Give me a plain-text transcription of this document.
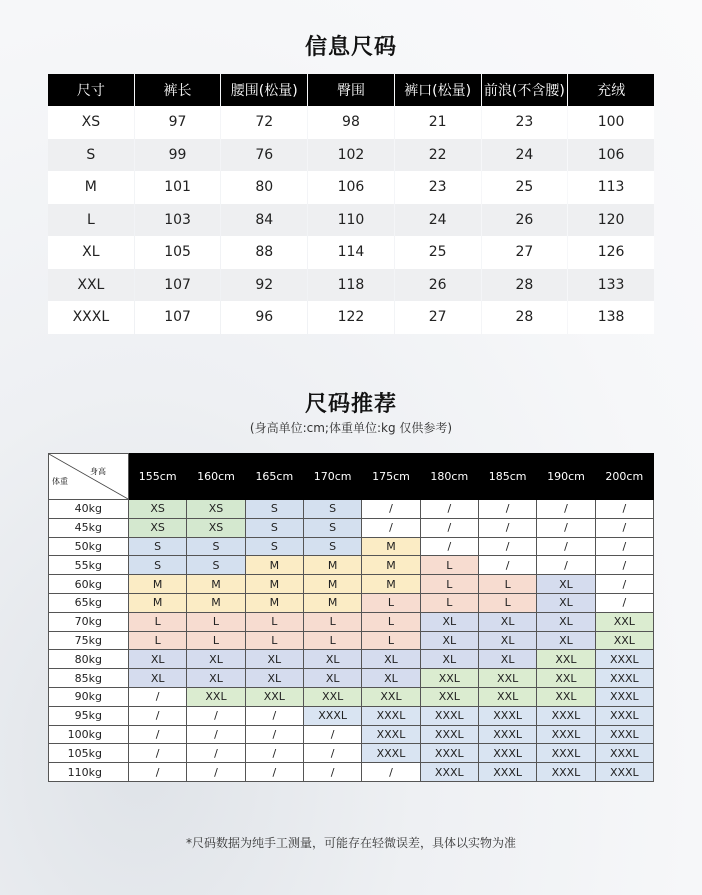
信息尺码
尺寸	裤长	腰围(松量)	臀围	裤口(松量)	前浪(不含腰)	充绒
XS	97	72	98	21	23	100
S	99	76	102	22	24	106
M	101	80	106	23	25	113
L	103	84	110	24	26	120
XL	105	88	114	25	27	126
XXL	107	92	118	26	28	133
XXXL	107	96	122	27	28	138
尺码推荐
(身高单位:cm;体重单位:kg 仅供参考)
身高
体重	155cm	160cm	165cm	170cm	175cm	180cm	185cm	190cm	200cm
40kg	XS	XS	S	S	/	/	/	/	/
45kg	XS	XS	S	S	/	/	/	/	/
50kg	S	S	S	S	M	/	/	/	/
55kg	S	S	M	M	M	L	/	/	/
60kg	M	M	M	M	M	L	L	XL	/
65kg	M	M	M	M	L	L	L	XL	/
70kg	L	L	L	L	L	XL	XL	XL	XXL
75kg	L	L	L	L	L	XL	XL	XL	XXL
80kg	XL	XL	XL	XL	XL	XL	XL	XXL	XXXL
85kg	XL	XL	XL	XL	XL	XXL	XXL	XXL	XXXL
90kg	/	XXL	XXL	XXL	XXL	XXL	XXL	XXL	XXXL
95kg	/	/	/	XXXL	XXXL	XXXL	XXXL	XXXL	XXXL
100kg	/	/	/	/	XXXL	XXXL	XXXL	XXXL	XXXL
105kg	/	/	/	/	XXXL	XXXL	XXXL	XXXL	XXXL
110kg	/	/	/	/	/	XXXL	XXXL	XXXL	XXXL
*尺码数据为纯手工测量，可能存在轻微误差，具体以实物为准
